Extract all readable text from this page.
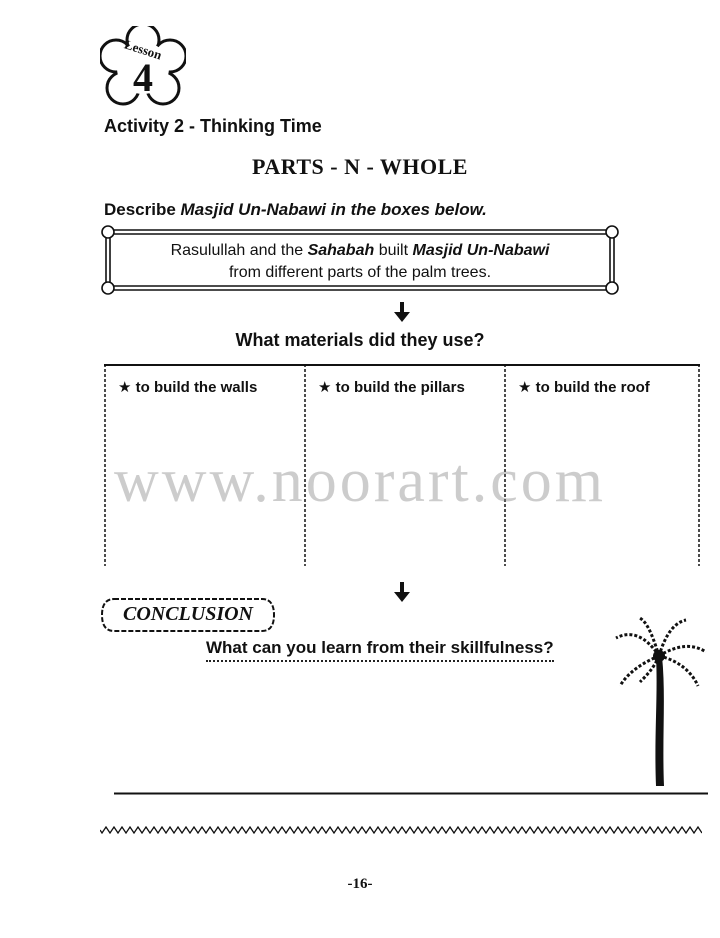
Lesson
4
Activity 2 - Thinking Time
PARTS - N - WHOLE
Describe Masjid Un-Nabawi in the boxes below.
Rasulullah and the Sahabah built Masjid Un-Nabawi
from different parts of the palm trees.
What materials did they use?
★ to build the walls	★ to build the pillars	★ to build the roof
www.noorart.com
CONCLUSION
What can you learn from their skillfulness?
-16-
